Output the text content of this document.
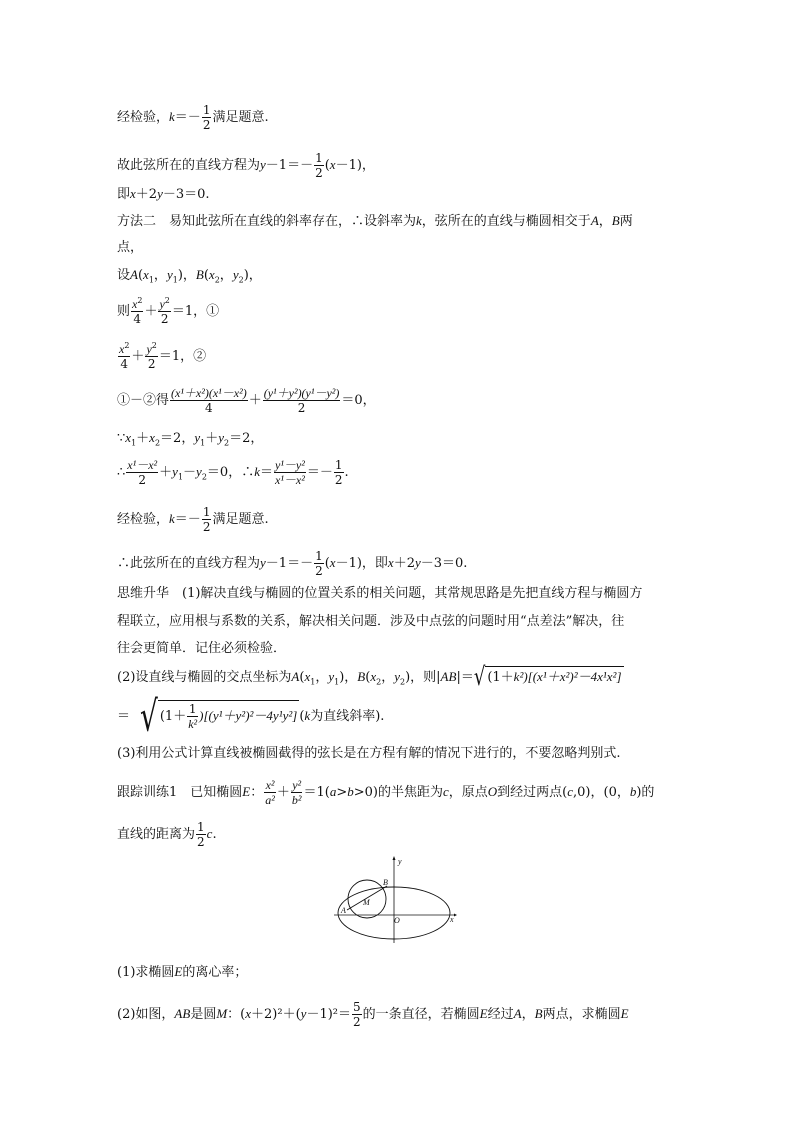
经检验，$k=- \frac{1}{2}$ 满足题意.
故此弦所在的直线方程为$y-1=- \frac{1}{2} (x-1)$，
即x＋2y－3＝0.
方法二　易知此弦所在直线的斜率存在，∴设斜率为k，弦所在的直线与椭圆相交于A，B两
点，
设$A(x_1$，$y_1$)，$B(x_2$，$y_2$)，
则 $\frac{x^2}{4} + \frac{y^2}{2} =1$，①
$\frac{x^2}{4} + \frac{y^2}{2} =1$，②
①－②得 $\frac{\text{(x¹＋x²)(x¹－x²)}}{4} + \frac{\text{(y¹＋y²)(y¹－y²)}}{2} =0$，
$\because x_1+x_2=2$，$y_1+y_2=2$，
∴ $\frac{\text{x¹－x²}}{2} +y_1-y_2=0$，∴k＝ $\frac{\text{y¹－y²}}{\text{x¹－x²}} =- \frac{1}{2}$ .
经检验，$k=- \frac{1}{2}$ 满足题意.
∴此弦所在的直线方程为$y-1=- \frac{1}{2} (x-1)$，即x＋2y－3＝0.
思维升华　(1)解决直线与椭圆的位置关系的相关问题，其常规思路是先把直线方程与椭圆方
程联立，应用根与系数的关系，解决相关问题．涉及中点弦的问题时用“点差法”解决，往
往会更简单．记住必须检验．
(2)设直线与椭圆的交点坐标为$A(x_1$，$y_1$)，$B(x_2$，$y_2$)，则|AB|＝√ (1＋k²)[(x¹＋x²)²－4x¹x²]
＝ √ $(1+ \frac{1}{\text{k²}} )[(y^1+y^2)^2-4y^1y^2]$ (k为直线斜率).
(3)利用公式计算直线被椭圆截得的弦长是在方程有解的情况下进行的，不要忽略判别式.
跟踪训练1　已知椭圆E： $\frac{\text{x²}}{\text{a²}} + \frac{\text{y²}}{\text{b²}} =1(a>b>0)$的半焦距为c，原点O到经过两点(c,0)，(0，b)的
直线的距离为 $\frac{1}{2} c$.
y
x
A
B
M
O
(1)求椭圆E的离心率；
(2)如图，AB是圆M：$(x+2)^2+(y-1)^2= \frac{5}{2}$ 的一条直径，若椭圆E经过A，B两点，求椭圆E
